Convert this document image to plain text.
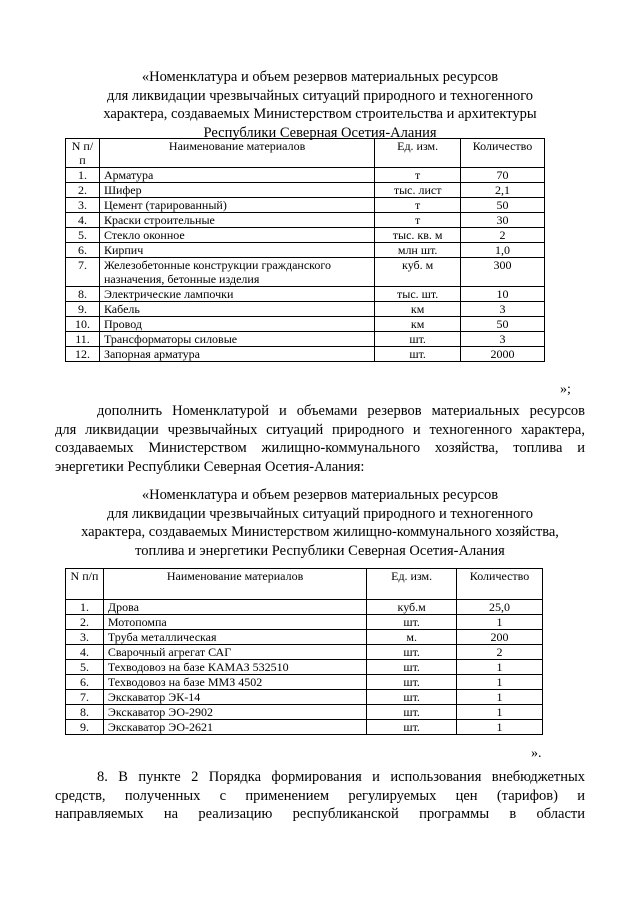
«Номенклатура и объем резервов материальных ресурсов
для ликвидации чрезвычайных ситуаций природного и техногенного
характера, создаваемых Министерством строительства и архитектуры
Республики Северная Осетия-Алания
N п/п	Наименование материалов	Ед. изм.	Количество
1.	Арматура	т	70
2.	Шифер	тыс. лист	2,1
3.	Цемент (тарированный)	т	50
4.	Краски строительные	т	30
5.	Стекло оконное	тыс. кв. м	2
6.	Кирпич	млн шт.	1,0
7.	Железобетонные конструкции гражданского назначения, бетонные изделия	куб. м	300
8.	Электрические лампочки	тыс. шт.	10
9.	Кабель	км	3
10.	Провод	км	50
11.	Трансформаторы силовые	шт.	3
12.	Запорная арматура	шт.	2000
»;
дополнить Номенклатурой и объемами резервов материальных ресурсов
для ликвидации чрезвычайных ситуаций природного и техногенного характера,
создаваемых Министерством жилищно-коммунального хозяйства, топлива и
энергетики Республики Северная Осетия-Алания:
«Номенклатура и объем резервов материальных ресурсов
для ликвидации чрезвычайных ситуаций природного и техногенного
характера, создаваемых Министерством жилищно-коммунального хозяйства,
топлива и энергетики Республики Северная Осетия-Алания
N п/п	Наименование материалов	Ед. изм.	Количество
1.	Дрова	куб.м	25,0
2.	Мотопомпа	шт.	1
3.	Труба металлическая	м.	200
4.	Сварочный агрегат САГ	шт.	2
5.	Техводовоз на базе КАМАЗ 532510	шт.	1
6.	Техводовоз на базе ММЗ 4502	шт.	1
7.	Экскаватор ЭК-14	шт.	1
8.	Экскаватор ЭО-2902	шт.	1
9.	Экскаватор ЭО-2621	шт.	1
».
8. В пункте 2 Порядка формирования и использования внебюджетных
средств, полученных с применением регулируемых цен (тарифов) и
направляемых на реализацию республиканской программы в области
